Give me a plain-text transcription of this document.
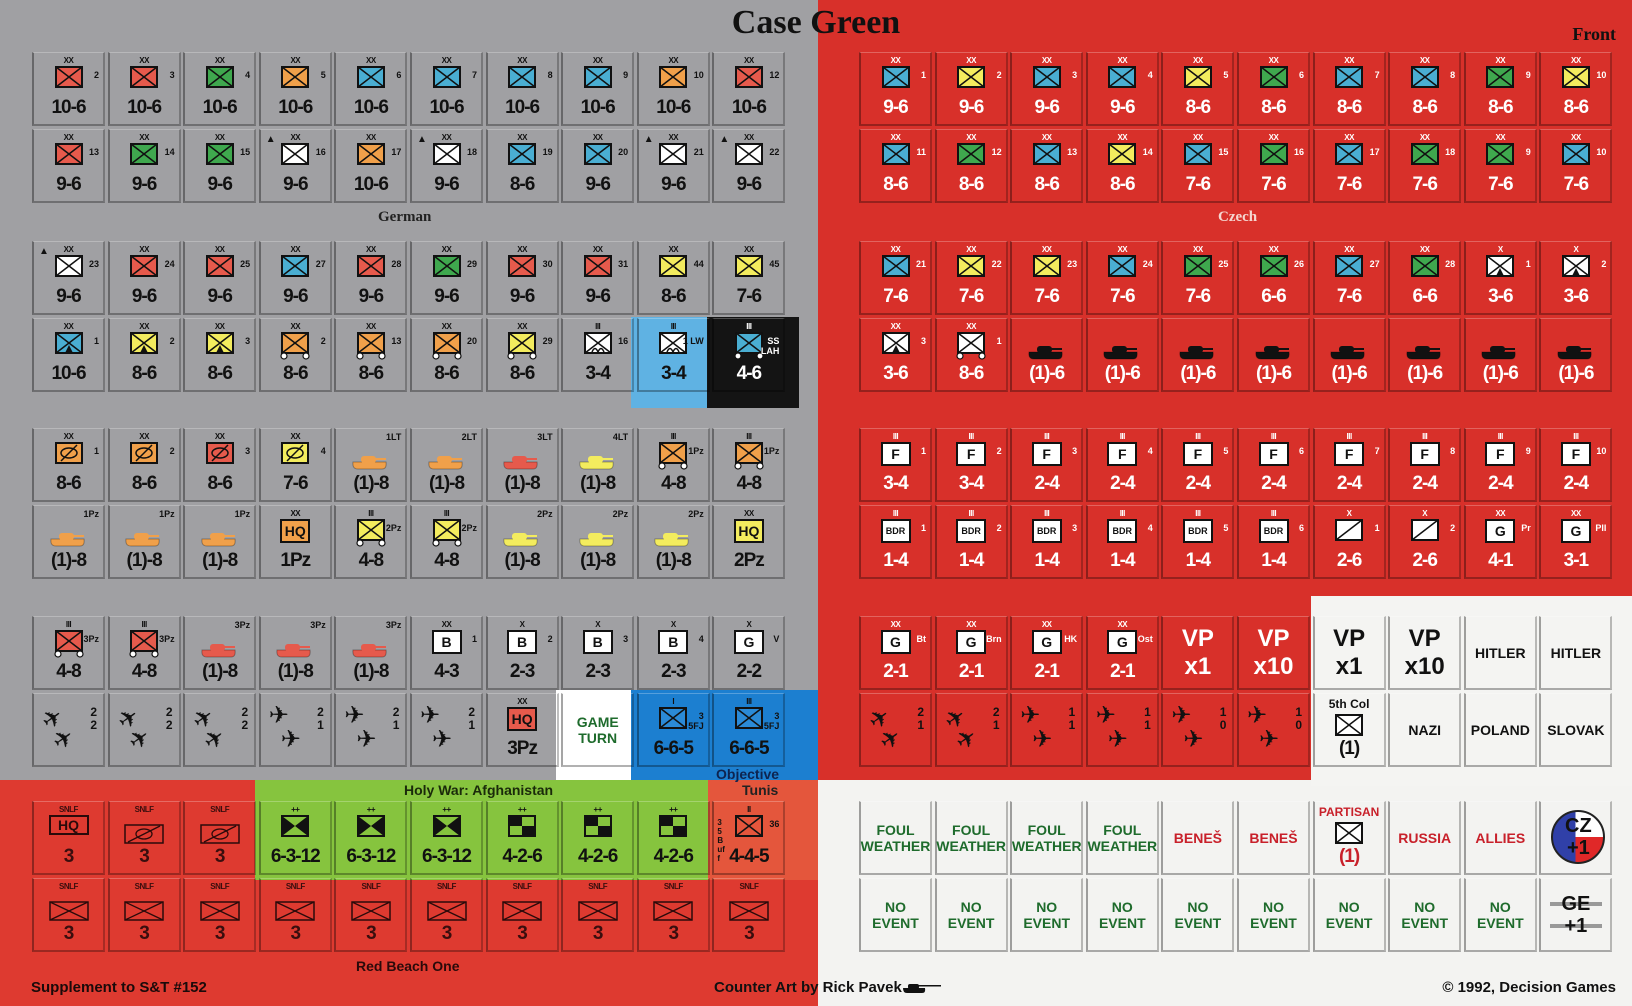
Case Green	Front
German	Czech
Holy War: Afghanistan	Tunis
Objective
Red Beach One
Supplement to S&T #152	Counter Art by Rick Pavek	© 1992, Decision Games
XX
2
10-6
XX
3
10-6
XX
4
10-6
XX
5
10-6
XX
6
10-6
XX
7
10-6
XX
8
10-6
XX
9
10-6
XX
10
10-6
XX
12
10-6
XX
13
9-6
XX
14
9-6
XX
15
9-6
XX
▲
16
9-6
XX
17
10-6
XX
▲
18
9-6
XX
19
8-6
XX
20
9-6
XX
▲
21
9-6
XX
▲
22
9-6
XX
▲
23
9-6
XX
24
9-6
XX
25
9-6
XX
27
9-6
XX
28
9-6
XX
29
9-6
XX
30
9-6
XX
31
9-6
XX
44
8-6
XX
45
7-6
XX
1
10-6
XX
2
8-6
XX
3
8-6
XX
2
8-6
XX
13
8-6
XX
20
8-6
XX
29
8-6
III
16
3-4
III
1 LW
3-4
III
SS LAH
4-6
XX
1
8-6
XX
2
8-6
XX
3
8-6
XX
4
7-6
1LT
(1)-8
2LT
(1)-8
3LT
(1)-8
4LT
(1)-8
III
1Pz
4-8
III
1Pz
4-8
1Pz
(1)-8
1Pz
(1)-8
1Pz
(1)-8
XX
HQ
1Pz
III
2Pz
4-8
III
2Pz
4-8
2Pz
(1)-8
2Pz
(1)-8
2Pz
(1)-8
XX
HQ
2Pz
III
3Pz
4-8
III
3Pz
4-8
3Pz
(1)-8
3Pz
(1)-8
3Pz
(1)-8
XX
B	1
4-3
X
B	2
2-3
X
B	3
2-3
X
B	4
2-3
X
G	V
2-2
✈
✈
2
2 ✈
✈
2
2 ✈
✈
2
2 ✈
✈
2
1 ✈
✈
2
1 ✈
✈
2
1
XX
HQ
3Pz
GAME
TURN
I
3 5FJ
6-6-5
III
3 5FJ
6-6-5
XX
1
9-6
XX
2
9-6
XX
3
9-6
XX
4
9-6
XX
5
8-6
XX
6
8-6
XX
7
8-6
XX
8
8-6
XX
9
8-6
XX
10
8-6
XX
11
8-6
XX
12
8-6
XX
13
8-6
XX
14
8-6
XX
15
7-6
XX
16
7-6
XX
17
7-6
XX
18
7-6
XX
9
7-6
XX
10
7-6
XX
21
7-6
XX
22
7-6
XX
23
7-6
XX
24
7-6
XX
25
7-6
XX
26
6-6
XX
27
7-6
XX
28
6-6
X
1
3-6
X
2
3-6
XX
3
3-6
XX
1
8-6	(1)-6	(1)-6	(1)-6	(1)-6	(1)-6	(1)-6	(1)-6	(1)-6
III
F	1
3-4
III
F	2
3-4
III
F	3
2-4
III
F	4
2-4
III
F	5
2-4
III
F	6
2-4
III
F	7
2-4
III
F	8
2-4
III
F	9
2-4
III
F	10
2-4
III
BDR	1
1-4
III
BDR	2
1-4
III
BDR	3
1-4
III
BDR	4
1-4
III
BDR	5
1-4
III
BDR	6
1-4
X
1
2-6
X
2
2-6
XX
G	Pr
4-1
XX
G	PII
3-1
XX
G	Bt
2-1
XX
G	Brn
2-1
XX
G	HK
2-1
XX
G	Ost
2-1
VP
x1
VP
x10
VP
x1
VP
x10 HITLER HITLER
✈
✈
2
1 ✈
✈
2
1 ✈
✈
1
1 ✈
✈
1
1 ✈
✈
1
0 ✈
✈
1
0
5th Col
(1)
NAZI POLAND SLOVAK
SNLF
HQ
3
SNLF
3
SNLF
3
++
6-3-12
++
6-3-12
++
6-3-12
++
4-2-6
++
4-2-6
++
4-2-6
II
36
3 5Buff 4-4-5
SNLF
3
SNLF
3
SNLF
3
SNLF
3
SNLF
3
SNLF
3
SNLF
3
SNLF
3
SNLF
3
SNLF
3
FOUL
WEATHER
FOUL
WEATHER
FOUL
WEATHER
FOUL
WEATHER BENEŠ BENEŠ
PARTISAN
(1)
RUSSIA ALLIES
CZ
+1
NO
EVENT
NO
EVENT
NO
EVENT
NO
EVENT
NO
EVENT
NO
EVENT
NO
EVENT
NO
EVENT
NO
EVENT
GE
+1
